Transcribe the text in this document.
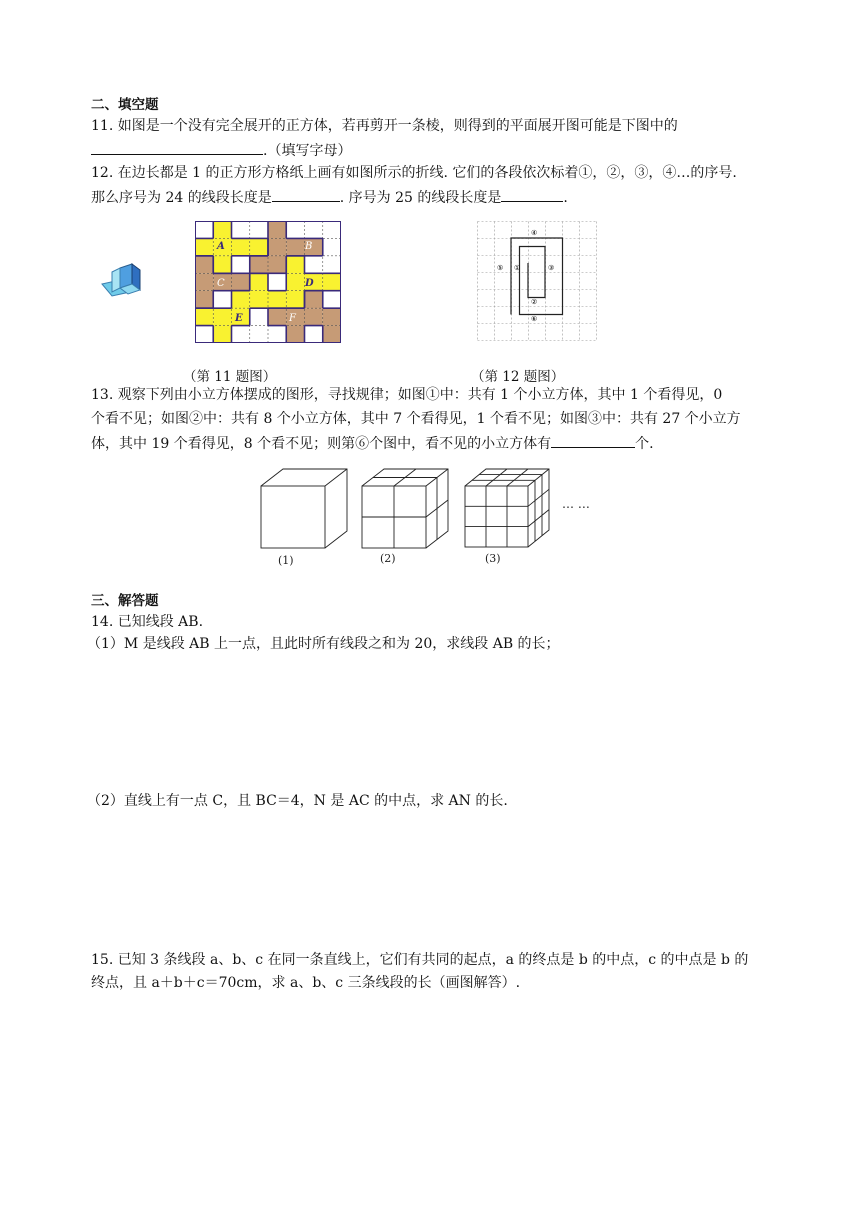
二、填空题
11. 如图是一个没有完全展开的正方体，若再剪开一条棱，则得到的平面展开图可能是下图中的
.（填写字母）
12. 在边长都是 1 的正方形方格纸上画有如图所示的折线. 它们的各段依次标着①，②，③，④…的序号.
那么序号为 24 的线段长度是	. 序号为 25 的线段长度是	.
A	B
C	D
E	F
④
⑤ ①	③
②
⑥
（第 11 题图）	（第 12 题图）
13. 观察下列由小立方体摆成的图形，寻找规律；如图①中：共有 1 个小立方体，其中 1 个看得见，0
个看不见；如图②中：共有 8 个小立方体，其中 7 个看得见，1 个看不见；如图③中：共有 27 个小立方
体，其中 19 个看得见，8 个看不见；则第⑥个图中，看不见的小立方体有	个.
… …
(1)	(2)	(3)
三、解答题
14. 已知线段 AB.
（1）M 是线段 AB 上一点，且此时所有线段之和为 20，求线段 AB 的长；
（2）直线上有一点 C，且 BC＝4，N 是 AC 的中点，求 AN 的长.
15. 已知 3 条线段 a、b、c 在同一条直线上，它们有共同的起点，a 的终点是 b 的中点，c 的中点是 b 的
终点，且 a＋b＋c＝70cm，求 a、b、c 三条线段的长（画图解答）.
